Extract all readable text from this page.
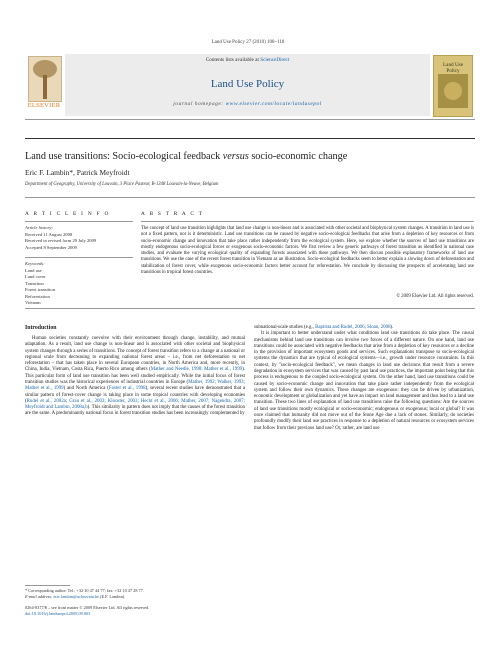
Land Use Policy 27 (2010) 108–118
ELSEVIER
Contents lists available at ScienceDirect
Land Use Policy
journal homepage: www.elsevier.com/locate/landusepol
Land Use Policy
Land use transitions: Socio-ecological feedback versus socio-economic change
Eric F. Lambin*, Patrick Meyfroidt
Department of Geography, University of Louvain, 3 Place Pasteur, B-1348 Louvain-la-Neuve, Belgium
A R T I C L E I N F O	A B S T R A C T
Article history:
Received 11 August 2008
Received in revised form 29 July 2009
Accepted 8 September 2009
Keywords:
Land use
Land cover
Transition
Forest transition
Reforestation
Vietnam
The concept of land use transition highlights that land use change is non-linear and is associated with other societal and biophysical system changes. A transition in land use is not a fixed pattern, nor is it deterministic. Land use transitions can be caused by negative socio-ecological feedbacks that arise from a depletion of key resources or from socio-economic change and innovation that take place rather independently from the ecological system. Here, we explore whether the sources of land use transitions are mostly endogenous socio-ecological forces or exogenous socio-economic factors. We first review a few generic pathways of forest transition as identified in national case studies, and evaluate the varying ecological quality of expanding forests associated with these pathways. We then discuss possible explanatory frameworks of land use transitions. We use the case of the recent forest transition in Vietnam as an illustration. Socio-ecological feedbacks seem to better explain a slowing down of deforestation and stabilization of forest cover, while exogenous socio-economic factors better account for reforestation. We conclude by discussing the prospects of accelerating land use transitions in tropical forest countries.
© 2009 Elsevier Ltd. All rights reserved.
Introduction

Human societies constantly coevolve with their environment through change, instability, and mutual adaptation. As a result, land use change is non-linear and is associated with other societal and biophysical system changes through a series of transitions. The concept of forest transition refers to a change at a national or regional scale from decreasing to expanding national forest areas – i.e., from net deforestation to net reforestation – that has taken place in several European countries, in North America and, more recently, in China, India, Vietnam, Costa Rica, Puerto Rico among others (Mather and Needle, 1998; Mather et al., 1999). This particular form of land use transition has been well studied empirically. While the initial focus of forest transition studies was the historical experiences of industrial countries in Europe (Mather, 1992; Walker, 1993; Mather et al., 1999) and North America (Foster et al., 1998), several recent studies have demonstrated that a similar pattern of forest-cover change is taking place in some tropical countries with developing economies (Rudel et al., 2002a; Grau et al., 2003; Klooster, 2003; Hecht et al., 2006; Mather, 2007; Nagendra, 2007; Meyfroidt and Lambin, 2008a,b). This similarity in pattern does not imply that the causes of the forest transition are the same. A predominantly national focus in forest transition studies has been increasingly complemented by

subnational-scale studies (e.g., Baptista and Rudel, 2006; Sloan, 2008).

It is important to better understand under what conditions land use transitions do take place. The causal mechanisms behind land use transitions can involve two forces of a different nature. On one hand, land use transitions could be associated with negative feedbacks that arise from a depletion of key resources or a decline in the provision of important ecosystem goods and services. Such explanations transpose to socio-ecological systems the dynamics that are typical of ecological systems—i.e., growth under resource constraints. In this context, by "socio-ecological feedback", we mean changes in land use decisions that result from a severe degradation in ecosystem services that was caused by past land use practices, the important point being that this process is endogenous to the coupled socio-ecological system. On the other hand, land use transitions could be caused by socio-economic change and innovation that take place rather independently from the ecological system and follow their own dynamics. These changes are exogenous: they can be driven by urbanization, economic development or globalization and yet have an impact on land management and thus lead to a land use transition. These two lines of explanation of land use transitions raise the following questions: Are the sources of land use transitions mostly ecological or socio-economic; endogenous or exogenous; local or global? It was once claimed that humanity did not move out of the Stone Age due a lack of stones. Similarly, do societies profoundly modify their land use practices in response to a depletion of natural resources or ecosystem services that follow from their previous land use? Or, rather, are land use

* Corresponding author. Tel.: +32 10 47 44 77; fax: +32 10 47 28 77.
E-mail address: eric.lambin@uclouvain.be (E.F. Lambin).
0264-8377/$ – see front matter © 2009 Elsevier Ltd. All rights reserved.
doi:10.1016/j.landusepol.2009.09.003
